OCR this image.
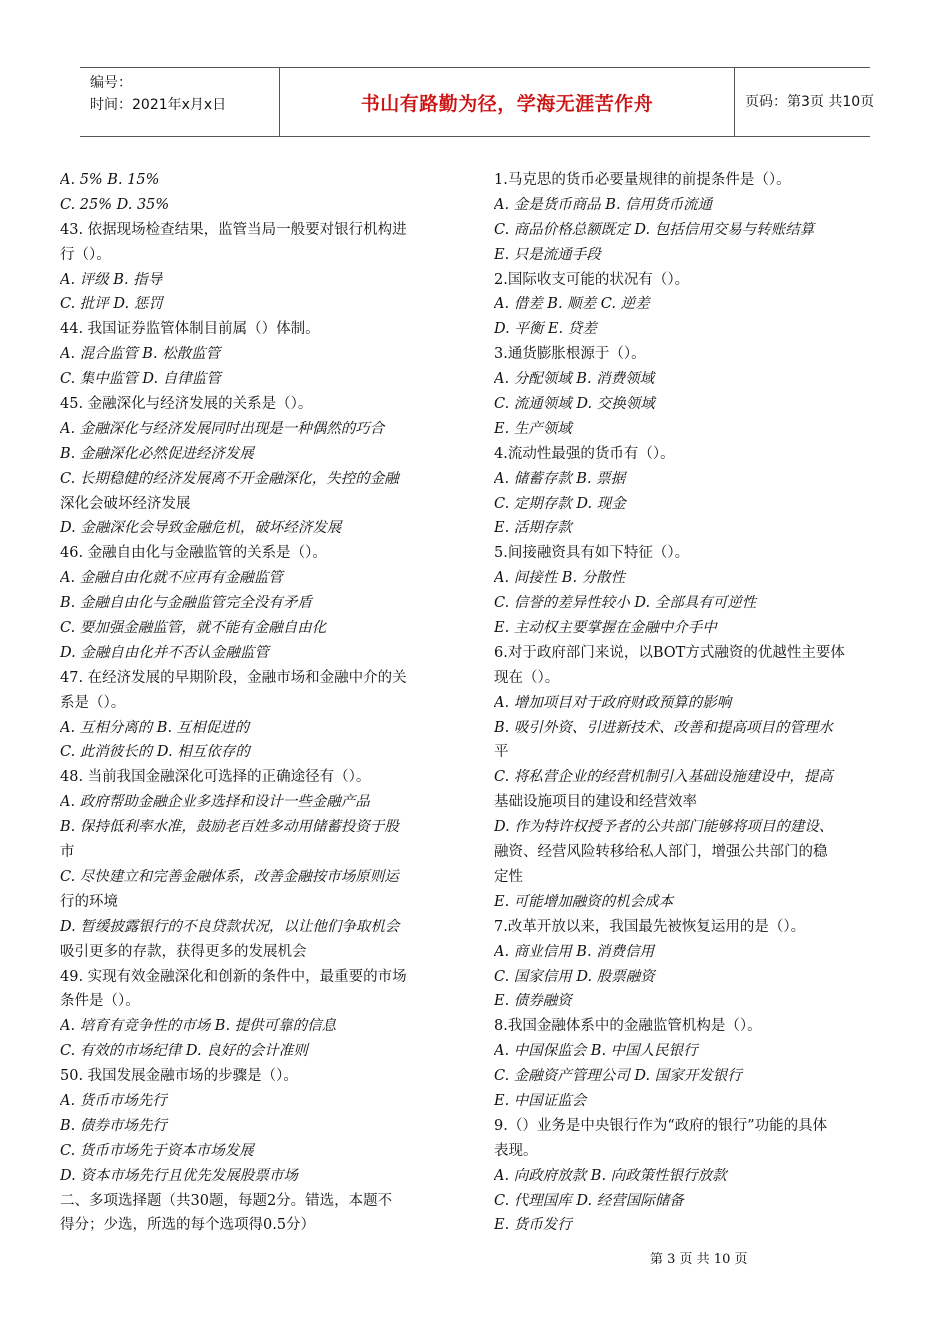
编号：
时间：2021年x月x日	书山有路勤为径，学海无涯苦作舟	页码：第3页 共10页
A. 5% B. 15%
C. 25% D. 35%
43. 依据现场检查结果，监管当局一般要对银行机构进
行（）。
A. 评级 B. 指导
C. 批评 D. 惩罚
44. 我国证券监管体制目前属（）体制。
A. 混合监管 B. 松散监管
C. 集中监管 D. 自律监管
45. 金融深化与经济发展的关系是（）。
A. 金融深化与经济发展同时出现是一种偶然的巧合
B. 金融深化必然促进经济发展
C. 长期稳健的经济发展离不开金融深化，失控的金融
深化会破坏经济发展
D. 金融深化会导致金融危机，破坏经济发展
46. 金融自由化与金融监管的关系是（）。
A. 金融自由化就不应再有金融监管
B. 金融自由化与金融监管完全没有矛盾
C. 要加强金融监管，就不能有金融自由化
D. 金融自由化并不否认金融监管
47. 在经济发展的早期阶段，金融市场和金融中介的关
系是（）。
A. 互相分离的 B. 互相促进的
C. 此消彼长的 D. 相互依存的
48. 当前我国金融深化可选择的正确途径有（）。
A. 政府帮助金融企业多选择和设计一些金融产品
B. 保持低利率水准，鼓励老百姓多动用储蓄投资于股
市
C. 尽快建立和完善金融体系，改善金融按市场原则运
行的环境
D. 暂缓披露银行的不良贷款状况，以让他们争取机会
吸引更多的存款，获得更多的发展机会
49. 实现有效金融深化和创新的条件中，最重要的市场
条件是（）。
A. 培育有竞争性的市场 B. 提供可靠的信息
C. 有效的市场纪律 D. 良好的会计准则
50. 我国发展金融市场的步骤是（）。
A. 货币市场先行
B. 债券市场先行
C. 货币市场先于资本市场发展
D. 资本市场先行且优先发展股票市场
二、多项选择题（共30题，每题2分。错选，本题不
得分；少选，所选的每个选项得0.5分）
1.马克思的货币必要量规律的前提条件是（）。
A. 金是货币商品 B. 信用货币流通
C. 商品价格总额既定 D. 包括信用交易与转账结算
E. 只是流通手段
2.国际收支可能的状况有（）。
A. 借差 B. 顺差 C. 逆差
D. 平衡 E. 贷差
3.通货膨胀根源于（）。
A. 分配领域 B. 消费领域
C. 流通领域 D. 交换领域
E. 生产领域
4.流动性最强的货币有（）。
A. 储蓄存款 B. 票据
C. 定期存款 D. 现金
E. 活期存款
5.间接融资具有如下特征（）。
A. 间接性 B. 分散性
C. 信誉的差异性较小 D. 全部具有可逆性
E. 主动权主要掌握在金融中介手中
6.对于政府部门来说，以BOT方式融资的优越性主要体
现在（）。
A. 增加项目对于政府财政预算的影响
B. 吸引外资、引进新技术、改善和提高项目的管理水
平
C. 将私营企业的经营机制引入基础设施建设中，提高
基础设施项目的建设和经营效率
D. 作为特许权授予者的公共部门能够将项目的建设、
融资、经营风险转移给私人部门，增强公共部门的稳
定性
E. 可能增加融资的机会成本
7.改革开放以来，我国最先被恢复运用的是（）。
A. 商业信用 B. 消费信用
C. 国家信用 D. 股票融资
E. 债券融资
8.我国金融体系中的金融监管机构是（）。
A. 中国保监会 B. 中国人民银行
C. 金融资产管理公司 D. 国家开发银行
E. 中国证监会
9.（）业务是中央银行作为“政府的银行”功能的具体
表现。
A. 向政府放款 B. 向政策性银行放款
C. 代理国库 D. 经营国际储备
E. 货币发行
第 3 页 共 10 页
